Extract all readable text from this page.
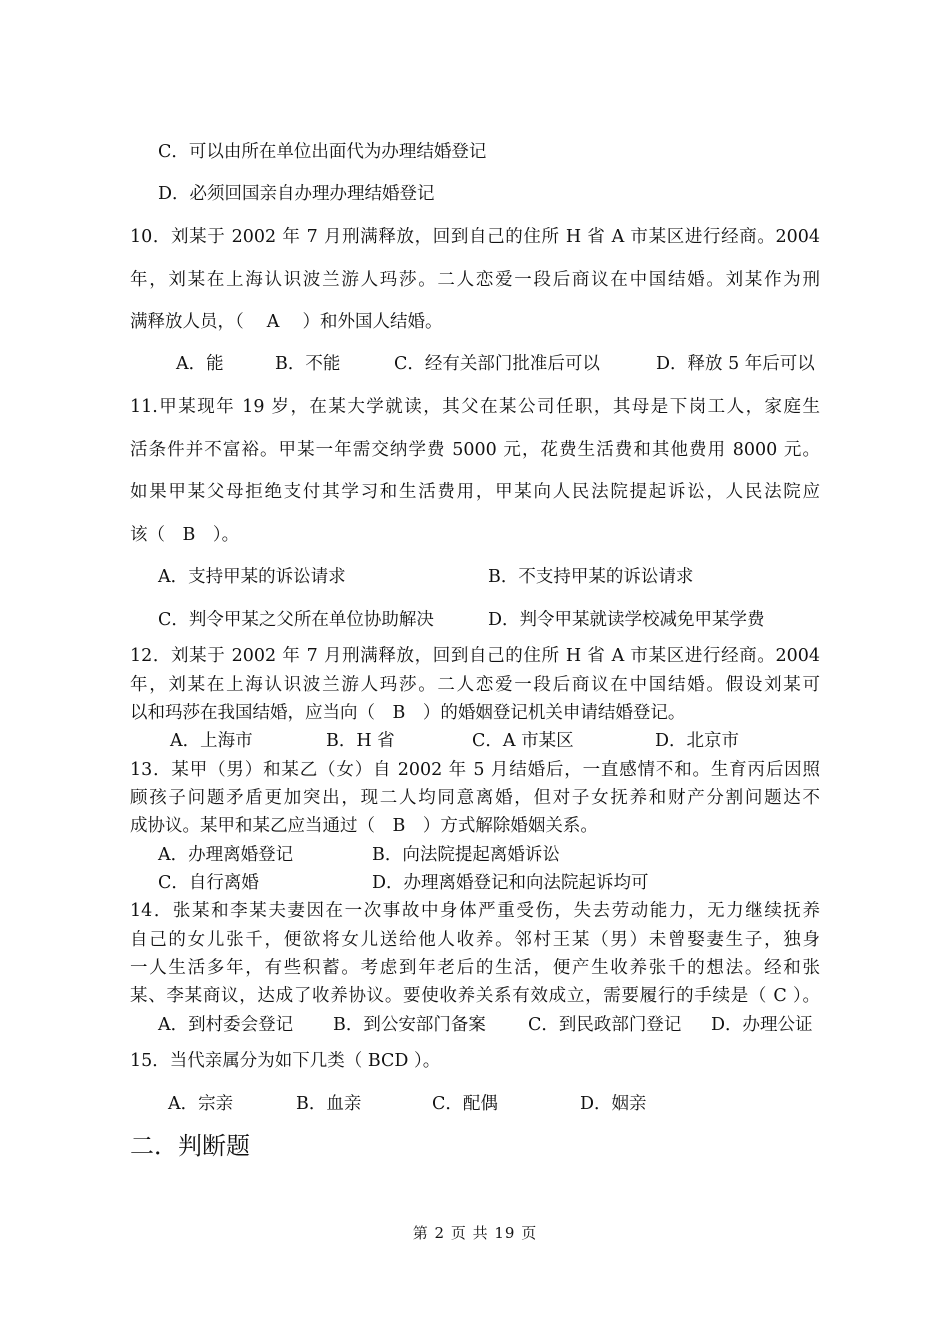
C．可以由所在单位出面代为办理结婚登记
D．必须回国亲自办理办理结婚登记
10．刘某于 2002 年 7 月刑满释放，回到自己的住所 H 省 A 市某区进行经商。2004
年，刘某在上海认识波兰游人玛莎。二人恋爱一段后商议在中国结婚。刘某作为刑
满释放人员，（　 A　 ）和外国人结婚。
A．能	B．不能	C．经有关部门批准后可以	D．释放 5 年后可以
11.甲某现年 19 岁，在某大学就读，其父在某公司任职，其母是下岗工人，家庭生
活条件并不富裕。甲某一年需交纳学费 5000 元，花费生活费和其他费用 8000 元。
如果甲某父母拒绝支付其学习和生活费用，甲某向人民法院提起诉讼，人民法院应
该（　B　）。
A．支持甲某的诉讼请求	B．不支持甲某的诉讼请求
C．判令甲某之父所在单位协助解决	D．判令甲某就读学校减免甲某学费
12．刘某于 2002 年 7 月刑满释放，回到自己的住所 H 省 A 市某区进行经商。2004
年，刘某在上海认识波兰游人玛莎。二人恋爱一段后商议在中国结婚。假设刘某可
以和玛莎在我国结婚，应当向（　B　）的婚姻登记机关申请结婚登记。
A．上海市	B．H 省	C．A 市某区	D．北京市
13．某甲（男）和某乙（女）自 2002 年 5 月结婚后，一直感情不和。生育丙后因照
顾孩子问题矛盾更加突出，现二人均同意离婚，但对子女抚养和财产分割问题达不
成协议。某甲和某乙应当通过（　B　）方式解除婚姻关系。
A．办理离婚登记	B．向法院提起离婚诉讼
C．自行离婚	D．办理离婚登记和向法院起诉均可
14．张某和李某夫妻因在一次事故中身体严重受伤，失去劳动能力，无力继续抚养
自己的女儿张千，便欲将女儿送给他人收养。邻村王某（男）未曾娶妻生子，独身
一人生活多年，有些积蓄。考虑到年老后的生活，便产生收养张千的想法。经和张
某、李某商议，达成了收养协议。要使收养关系有效成立，需要履行的手续是（ C ）。
A．到村委会登记 B．到公安部门备案 C．到民政部门登记 D．办理公证
15．当代亲属分为如下几类（ BCD ）。
A．宗亲	B．血亲	C．配偶	D．姻亲
二．判断题
第 2 页 共 19 页
